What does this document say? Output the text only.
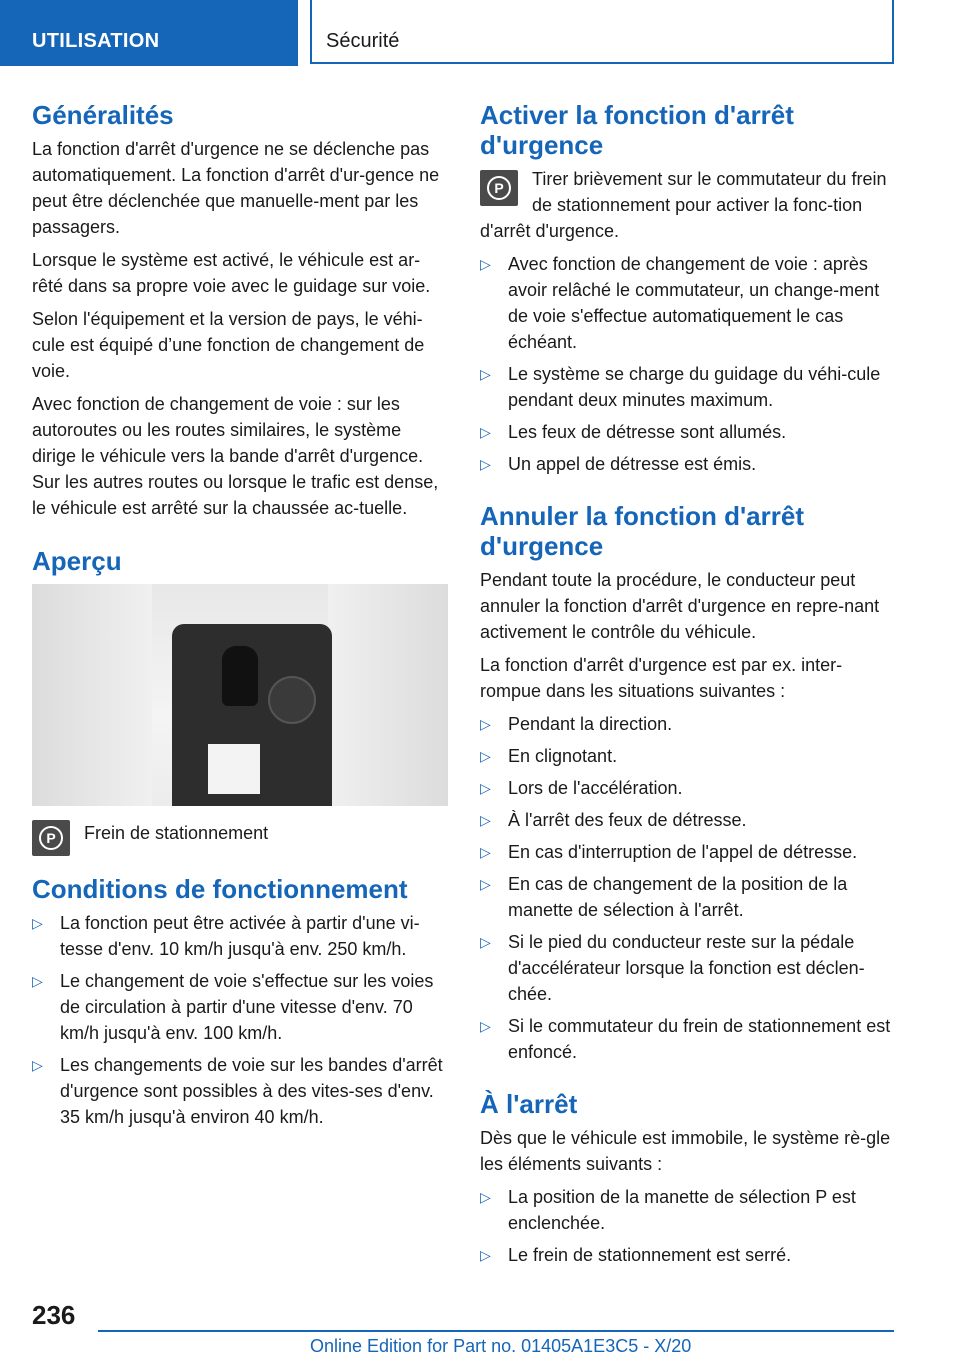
UTILISATION	Sécurité
Généralités

La fonction d'arrêt d'urgence ne se déclenche pas automatiquement. La fonction d'arrêt d'ur-gence ne peut être déclenchée que manuelle-ment par les passagers.

Lorsque le système est activé, le véhicule est ar-rêté dans sa propre voie avec le guidage sur voie.

Selon l'équipement et la version de pays, le véhi-cule est équipé d’une fonction de changement de voie.

Avec fonction de changement de voie : sur les autoroutes ou les routes similaires, le système dirige le véhicule vers la bande d'arrêt d'urgence. Sur les autres routes ou lorsque le trafic est dense, le véhicule est arrêté sur la chaussée ac-tuelle.

Aperçu
P	Frein de stationnement
Conditions de fonctionnement
▷ La fonction peut être activée à partir d'une vi-tesse d'env. 10 km/h jusqu'à env. 250 km/h.
▷ Le changement de voie s'effectue sur les voies de circulation à partir d'une vitesse d'env. 70 km/h jusqu'à env. 100 km/h.
▷ Les changements de voie sur les bandes d'arrêt d'urgence sont possibles à des vites-ses d'env. 35 km/h jusqu'à environ 40 km/h.
Activer la fonction d'arrêt d'urgence

P	Tirer brièvement sur le commutateur du frein de stationnement pour activer la fonc-tion d'arrêt d'urgence.

▷ Avec fonction de changement de voie : après avoir relâché le commutateur, un change-ment de voie s'effectue automatiquement le cas échéant.
▷ Le système se charge du guidage du véhi-cule pendant deux minutes maximum.
▷ Les feux de détresse sont allumés.
▷ Un appel de détresse est émis.
Annuler la fonction d'arrêt d'urgence

Pendant toute la procédure, le conducteur peut annuler la fonction d'arrêt d'urgence en repre-nant activement le contrôle du véhicule.

La fonction d'arrêt d'urgence est par ex. inter-rompue dans les situations suivantes :

▷ Pendant la direction.
▷ En clignotant.
▷ Lors de l'accélération.
▷ À l'arrêt des feux de détresse.
▷ En cas d'interruption de l'appel de détresse.
▷ En cas de changement de la position de la manette de sélection à l'arrêt.
▷ Si le pied du conducteur reste sur la pédale d'accélérateur lorsque la fonction est déclen-chée.
▷ Si le commutateur du frein de stationnement est enfoncé.
À l'arrêt

Dès que le véhicule est immobile, le système rè-gle les éléments suivants :

▷ La position de la manette de sélection P est enclenchée.
▷ Le frein de stationnement est serré.
236
Online Edition for Part no. 01405A1E3C5 - X/20
